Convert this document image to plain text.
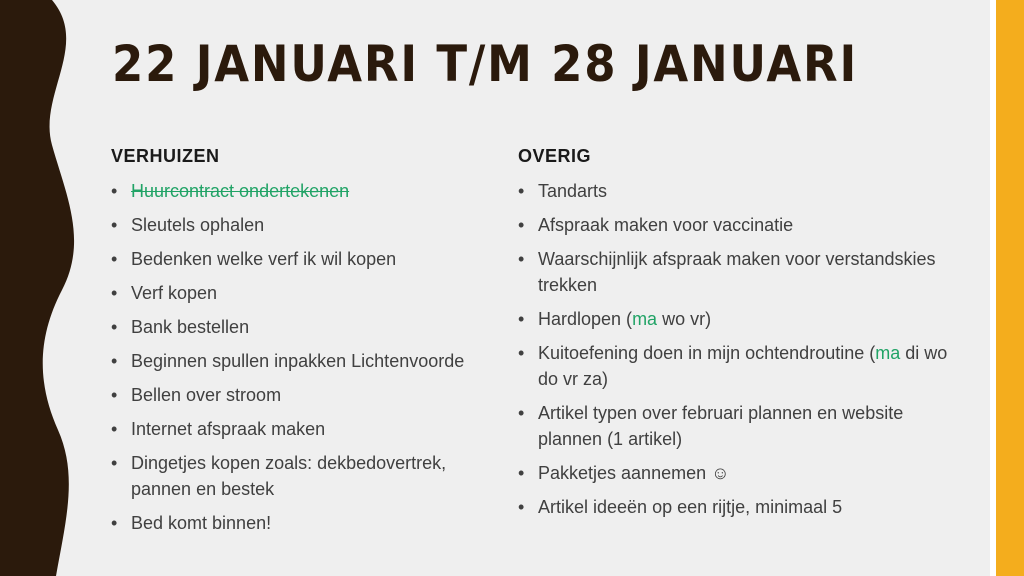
22 JANUARI T/M 28 JANUARI
VERHUIZEN
• Huurcontract ondertekenen
• Sleutels ophalen
• Bedenken welke verf ik wil kopen
• Verf kopen
• Bank bestellen
• Beginnen spullen inpakken Lichtenvoorde
• Bellen over stroom
• Internet afspraak maken
• Dingetjes kopen zoals: dekbedovertrek, pannen en bestek
• Bed komt binnen!
OVERIG
• Tandarts
• Afspraak maken voor vaccinatie
• Waarschijnlijk afspraak maken voor verstandskies trekken
• Hardlopen (ma wo vr)
• Kuitoefening doen in mijn ochtendroutine (ma di wo do vr za)
• Artikel typen over februari plannen en website plannen (1 artikel)
• Pakketjes aannemen ☺
• Artikel ideeën op een rijtje, minimaal 5
